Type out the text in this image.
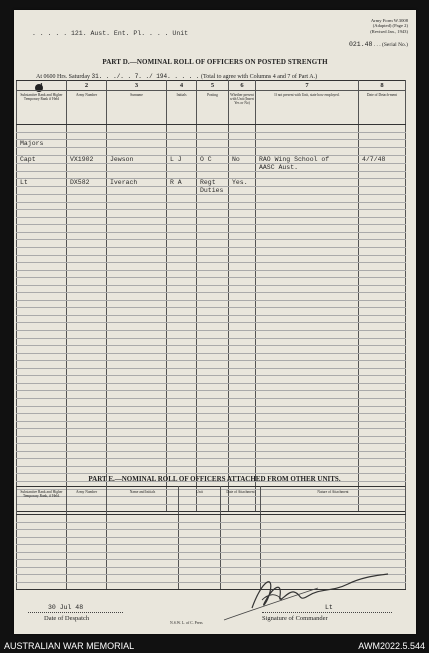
. . . . . 121. Aust. Ent. Pl. . . . Unit
Army Form W.3008
(Adapted) (Page 2)
(Revised Jan., 1943)
021.48 . . . (Serial No.)
PART D.—NOMINAL ROLL OF OFFICERS ON POSTED STRENGTH
At 0600 Hrs. Saturday 31. . ./. . 7. ./ 194. . . . . (Total to agree with Columns 4 and 7 of Part A.)
1	2	3	4	5	6	7	8
Substantive Rank and Higher Temporary Rank if Held	Army Number	Surname	Initials	Posting	Whether present with Unit (Insert Yes or No)	If not present with Unit, state how employed.	Date of Detach-ment

Majors							

Capt	VX1902	Jewson	L J	O C	No	RAO Wing School of	4/7/48
						AASC Aust.	

Lt	DX582	Iverach	R A	Regt	Yes.		
				Duties			

PART E.—NOMINAL ROLL OF OFFICERS ATTACHED FROM OTHER UNITS.
Substantive Rank and Higher Temporary Rank, if Held.	Army Number	Name and Initials	Unit	Date of Attachment	Nature of Attachment

30 Jul 48
Date of Despatch
N.S.W. L. of C. Press
Lt
Signature of Commander
AUSTRALIAN WAR MEMORIAL	AWM2022.5.544
